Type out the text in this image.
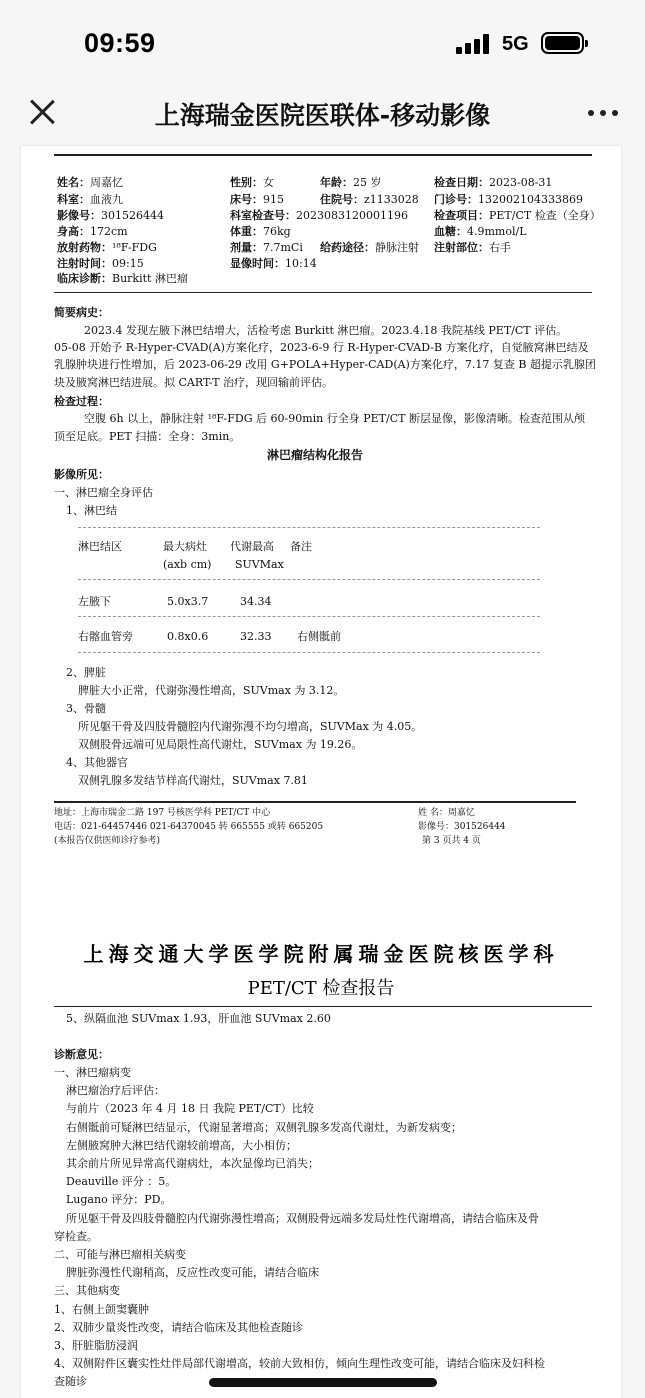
09:59	5G
上海瑞金医院医联体-移动影像
姓名：周嘉忆	性别：女	年龄：25 岁	检查日期：2023-08-31
科室：血液九	床号：915	住院号：z1133028 门诊号：132002104333869
影像号：301526444	科室检查号：2023083120001196 检查项目：PET/CT 检查（全身）
身高：172cm	体重：76kg	血糖：4.9mmol/L
放射药物：¹⁸F-FDG	剂量：7.7mCi 给药途径：静脉注射 注射部位：右手
注射时间：09:15	显像时间：10:14
临床诊断：Burkitt 淋巴瘤
简要病史：
2023.4 发现左腋下淋巴结增大，活检考虑 Burkitt 淋巴瘤。2023.4.18 我院基线 PET/CT 评估。
05-08 开始予 R-Hyper-CVAD(A)方案化疗，2023-6-9 行 R-Hyper-CVAD-B 方案化疗，自觉腋窝淋巴结及
乳腺肿块进行性增加，后 2023-06-29 改用 G+POLA+Hyper-CAD(A)方案化疗，7.17 复查 B 超提示乳腺团
块及腋窝淋巴结进展。拟 CART-T 治疗，现回输前评估。
检查过程：
空腹 6h 以上，静脉注射 ¹⁸F-FDG 后 60-90min 行全身 PET/CT 断层显像，影像清晰。检查范围从颅
顶至足底。PET 扫描：全身：3min。
淋巴瘤结构化报告
影像所见：
一、淋巴瘤全身评估
1、淋巴结
淋巴结区	最大病灶 代谢最高 备注
(axb cm) SUVMax
左腋下	5.0x3.7	34.34
右髂血管旁	0.8x0.6	32.33 右侧骶前
2、脾脏
脾脏大小正常，代谢弥漫性增高，SUVmax 为 3.12。
3、骨髓
所见躯干骨及四肢骨髓腔内代谢弥漫不均匀增高，SUVMax 为 4.05。
双侧股骨远端可见局限性高代谢灶，SUVmax 为 19.26。
4、其他器官
双侧乳腺多发结节样高代谢灶，SUVmax 7.81
地址：上海市瑞金二路 197 号核医学科 PET/CT 中心
电话：021-64457446 021-64370045 转 665555 或转 665205
(本报告仅供医师诊疗参考)
姓 名：周嘉忆
影像号：301526444
第 3 页共 4 页
上海交通大学医学院附属瑞金医院核医学科
PET/CT 检查报告
5、纵隔血池 SUVmax 1.93，肝血池 SUVmax 2.60
诊断意见：
一、淋巴瘤病变
淋巴瘤治疗后评估：
与前片（2023 年 4 月 18 日 我院 PET/CT）比较
右侧骶前可疑淋巴结显示，代谢显著增高；双侧乳腺多发高代谢灶，为新发病变；
左侧腋窝肿大淋巴结代谢较前增高，大小相仿；
其余前片所见异常高代谢病灶，本次显像均已消失；
Deauville 评分 ：5。
Lugano 评分：PD。
所见躯干骨及四肢骨髓腔内代谢弥漫性增高；双侧股骨远端多发局灶性代谢增高，请结合临床及骨
穿检查。
二、可能与淋巴瘤相关病变
脾脏弥漫性代谢稍高，反应性改变可能，请结合临床
三、其他病变
1、右侧上颌窦囊肿
2、双肺少量炎性改变，请结合临床及其他检查随诊
3、肝脏脂肪浸润
4、双侧附件区囊实性灶伴局部代谢增高，较前大致相仿，倾向生理性改变可能，请结合临床及妇科检
查随诊
